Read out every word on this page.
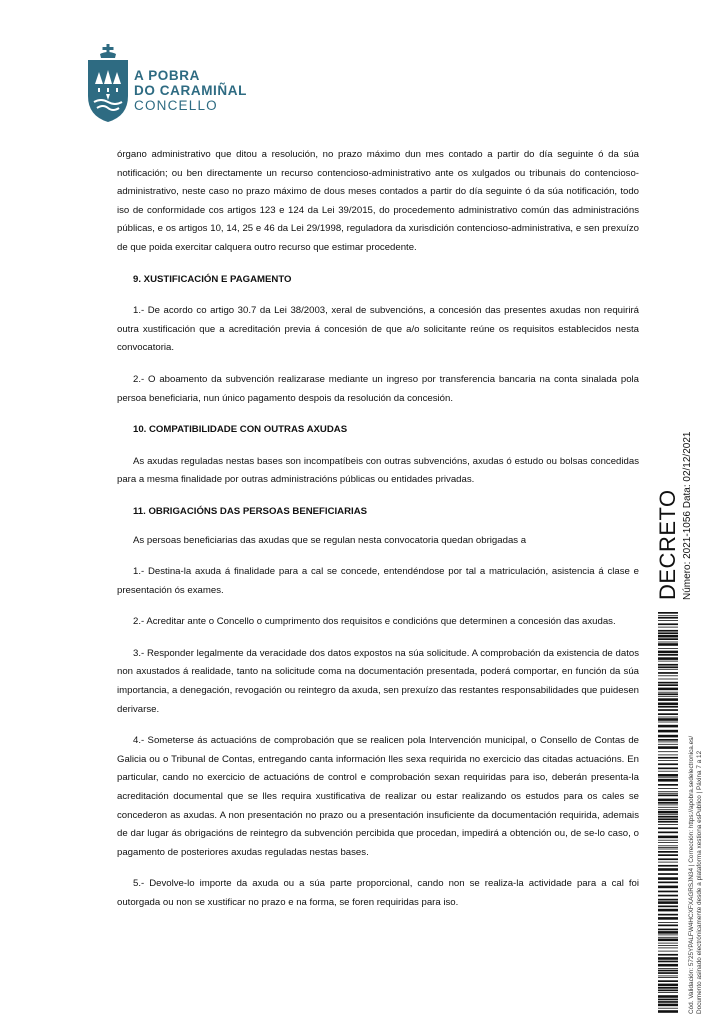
A POBRA
DO CARAMIÑAL
CONCELLO

órgano administrativo que ditou a resolución, no prazo máximo dun mes contado a partir do día seguinte ó da súa notificación; ou ben directamente un recurso contencioso-administrativo ante os xulgados ou tribunais do contencioso-administrativo, neste caso no prazo máximo de dous meses contados a partir do día seguinte ó da súa notificación, todo iso de conformidade cos artigos 123 e 124 da Lei 39/2015, do procedemento administrativo común das administracións públicas, e os artigos 10, 14, 25 e 46 da Lei 29/1998, reguladora da xurisdición contencioso-administrativa, e sen prexuízo de que poida exercitar calquera outro recurso que estimar procedente.

9. XUSTIFICACIÓN E PAGAMENTO

1.- De acordo co artigo 30.7 da Lei 38/2003, xeral de subvencións, a concesión das presentes axudas non requirirá outra xustificación que a acreditación previa á concesión de que a/o solicitante reúne os requisitos establecidos nesta convocatoria.

2.- O aboamento da subvención realizarase mediante un ingreso por transferencia bancaria na conta sinalada pola persoa beneficiaria, nun único pagamento despois da resolución da concesión.

10. COMPATIBILIDADE CON OUTRAS AXUDAS

As axudas reguladas nestas bases son incompatíbeis con outras subvencións, axudas ó estudo ou bolsas concedidas para a mesma finalidade por outras administracións públicas ou entidades privadas.

11. OBRIGACIÓNS DAS PERSOAS BENEFICIARIAS

As persoas beneficiarias das axudas que se regulan nesta convocatoria quedan obrigadas a

1.- Destina-la axuda á finalidade para a cal se concede, entendéndose por tal a matriculación, asistencia á clase e presentación ós exames.

2.- Acreditar ante o Concello o cumprimento dos requisitos e condicións que determinen a concesión das axudas.

3.- Responder legalmente da veracidade dos datos expostos na súa solicitude. A comprobación da existencia de datos non axustados á realidade, tanto na solicitude coma na documentación presentada, poderá comportar, en función da súa importancia, a denegación, revogación ou reintegro da axuda, sen prexuízo das restantes responsabilidades que puidesen derivarse.

4.- Someterse ás actuacións de comprobación que se realicen pola Intervención municipal, o Consello de Contas de Galicia ou o Tribunal de Contas, entregando canta información lles sexa requirida no exercicio das citadas actuacións. En particular, cando no exercicio de actuacións de control e comprobación sexan requiridas para iso, deberán presenta-la acreditación documental que se lles requira xustificativa de realizar ou estar realizando os estudos para os cales se concederon as axudas. A non presentación no prazo ou a presentación insuficiente da documentación requirida, ademais de dar lugar ás obrigacións de reintegro da subvención percibida que procedan, impedirá a obtención ou, de se-lo caso, o pagamento de posteriores axudas reguladas nestas bases.

5.- Devolve-lo importe da axuda ou a súa parte proporcional, cando non se realiza-la actividade para a cal foi outorgada ou non se xustificar no prazo e na forma, se foren requiridas para iso.

DECRETO Número: 2021-1056 Data: 02/12/2021
Cód. Validación: 5725YPALFW4HCXFXAGRSJN34 | Corrección: https://apobra.sedelectronica.es/ Documento asinado electrónicamente desde a plataforma xestiona esPublico | Páxina 7 a 12
